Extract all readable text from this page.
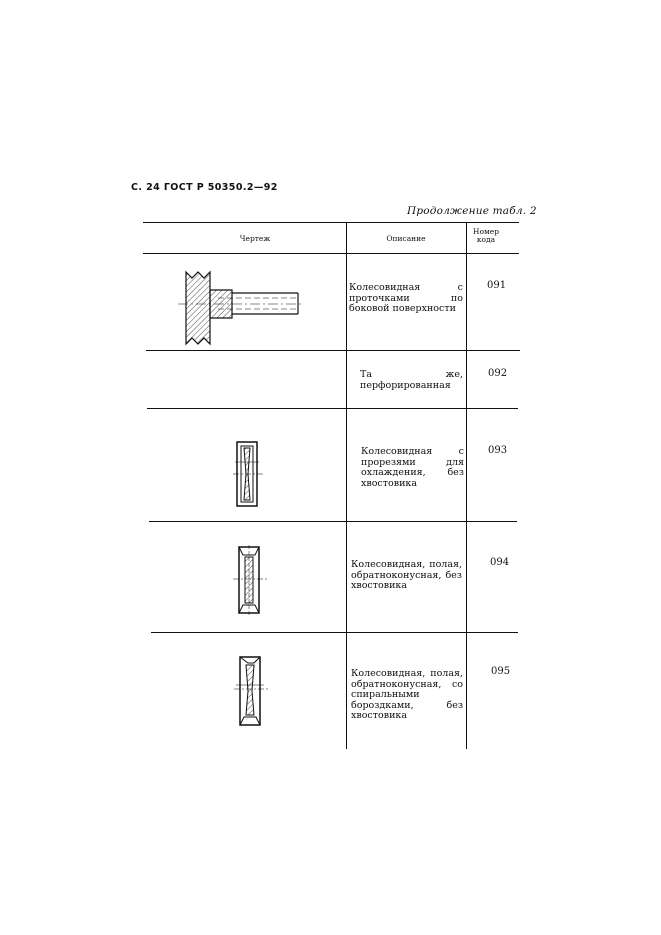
С. 24 ГОСТ Р 50350.2—92
Продолжение табл. 2
Чертеж	Описание
Номер кода
Колесовидная с проточками по боковой поверхности
091
Та же, перфорированная
092
Колесовидная с прорезями для охлаждения, без хвостовика
093
Колесовидная, полая, обратноконусная, без хвостовика
094
Колесовидная, полая, обратноконусная, со спиральными бороздками, без хвостовика
095
